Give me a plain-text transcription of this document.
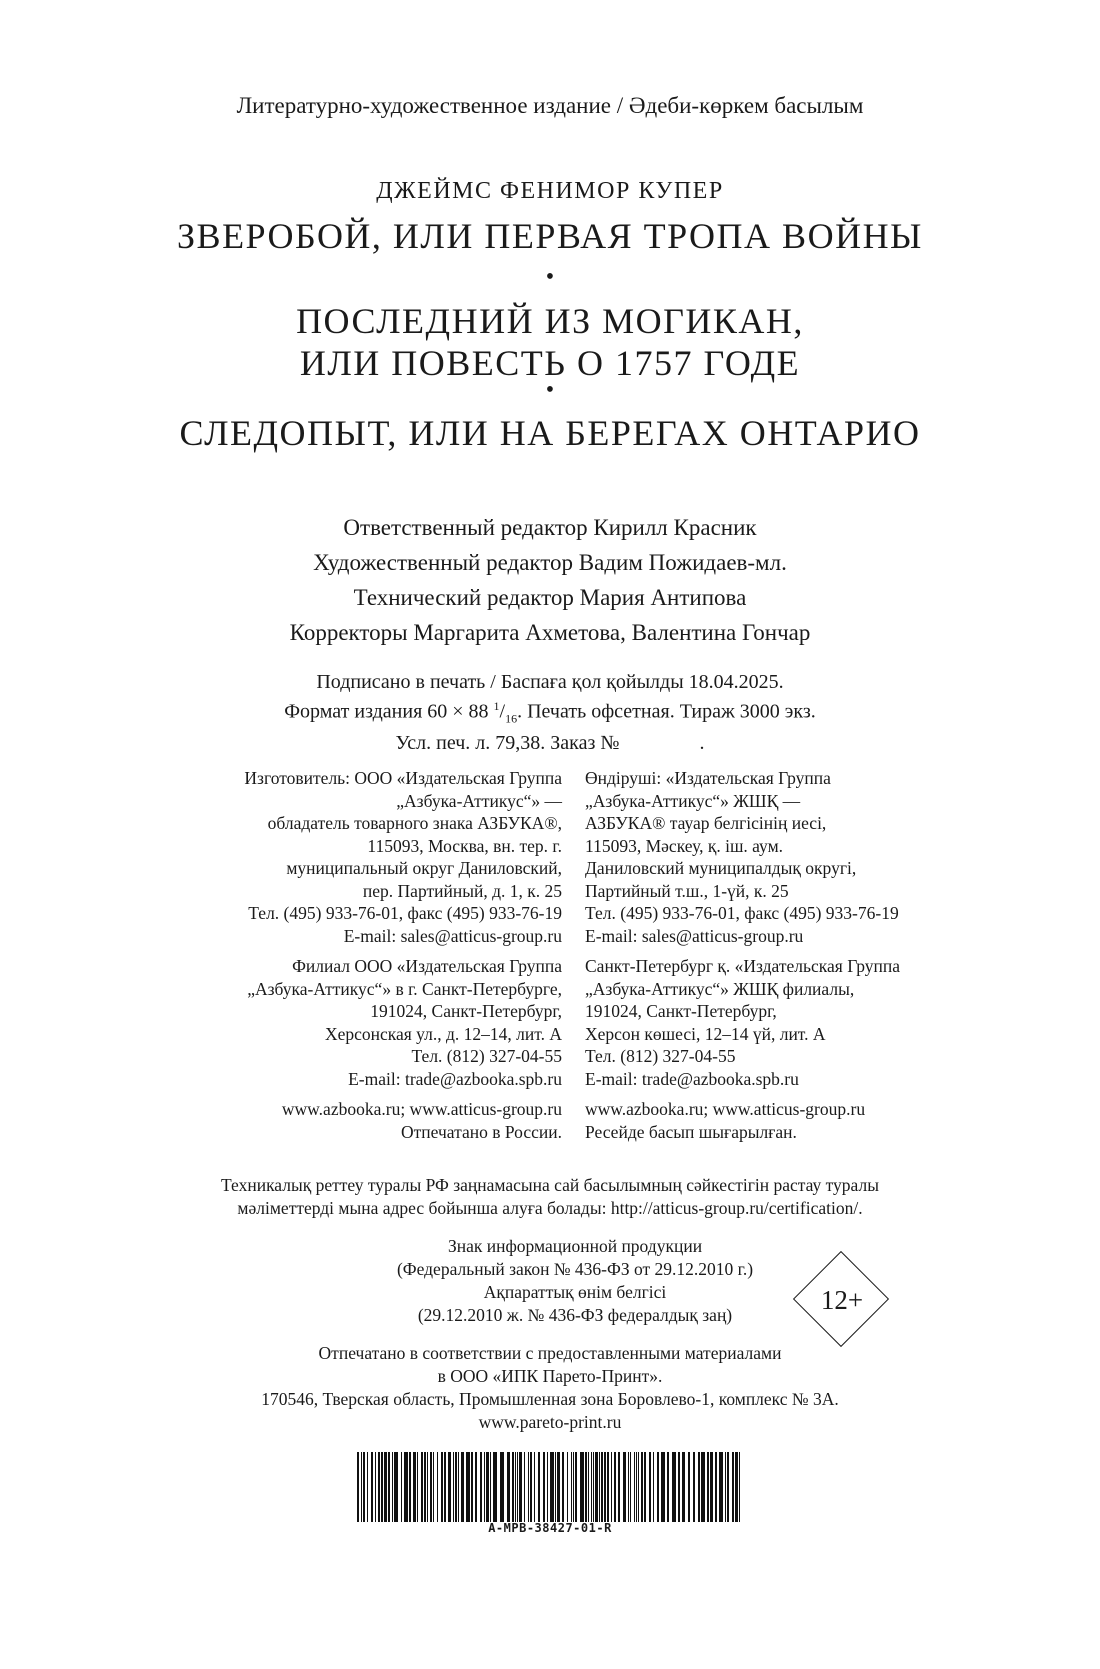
Литературно-художественное издание / Әдеби-көркем басылым
ДЖЕЙМС ФЕНИМОР КУПЕР
ЗВЕРОБОЙ, ИЛИ ПЕРВАЯ ТРОПА ВОЙНЫ
•
ПОСЛЕДНИЙ ИЗ МОГИКАН,
ИЛИ ПОВЕСТЬ О 1757 ГОДЕ
•
СЛЕДОПЫТ, ИЛИ НА БЕРЕГАХ ОНТАРИО
Ответственный редактор Кирилл Красник
Художественный редактор Вадим Пожидаев-мл.
Технический редактор Мария Антипова
Корректоры Маргарита Ахметова, Валентина Гончар
Подписано в печать / Баспаға қол қойылды 18.04.2025.
Формат издания 60 × 88 $^1/_{16}$. Печать офсетная. Тираж 3000 экз.
Усл. печ. л. 79,38. Заказ №                .
Изготовитель: ООО «Издательская Группа
„Азбука-Аттикус“» —
обладатель товарного знака АЗБУКА®,
115093, Москва, вн. тер. г.
муниципальный округ Даниловский,
пер. Партийный, д. 1, к. 25
Тел. (495) 933-76-01, факс (495) 933-76-19
E-mail: sales@atticus-group.ru
Филиал ООО «Издательская Группа
„Азбука-Аттикус“» в г. Санкт-Петербурге,
191024, Санкт-Петербург,
Херсонская ул., д. 12–14, лит. А
Тел. (812) 327-04-55
E-mail: trade@azbooka.spb.ru
www.azbooka.ru; www.atticus-group.ru
Отпечатано в России.
Өндіруші: «Издательская Группа
„Азбука-Аттикус“» ЖШҚ —
АЗБУКА® тауар белгісінің иесі,
115093, Мәскеу, қ. іш. аум.
Даниловский муниципалдық округі,
Партийный т.ш., 1-үй, к. 25
Тел. (495) 933-76-01, факс (495) 933-76-19
E-mail: sales@atticus-group.ru
Санкт-Петербург қ. «Издательская Группа
„Азбука-Аттикус“» ЖШҚ филиалы,
191024, Санкт-Петербург,
Херсон көшесі, 12–14 үй, лит. А
Тел. (812) 327-04-55
E-mail: trade@azbooka.spb.ru
www.azbooka.ru; www.atticus-group.ru
Ресейде басып шығарылған.
Техникалық реттеу туралы РФ заңнамасына сай басылымның сәйкестігін растау туралы
мәліметтерді мына адрес бойынша алуға болады: http://atticus-group.ru/certification/.
Знак информационной продукции
(Федеральный закон № 436-ФЗ от 29.12.2010 г.)
Ақпараттық өнім белгісі
(29.12.2010 ж. № 436-ФЗ федералдық заң)	12+
Отпечатано в соответствии с предоставленными материалами
в ООО «ИПК Парето-Принт».
170546, Тверская область, Промышленная зона Боровлево-1, комплекс № 3А.
www.pareto-print.ru
A-MPB-38427-01-R
